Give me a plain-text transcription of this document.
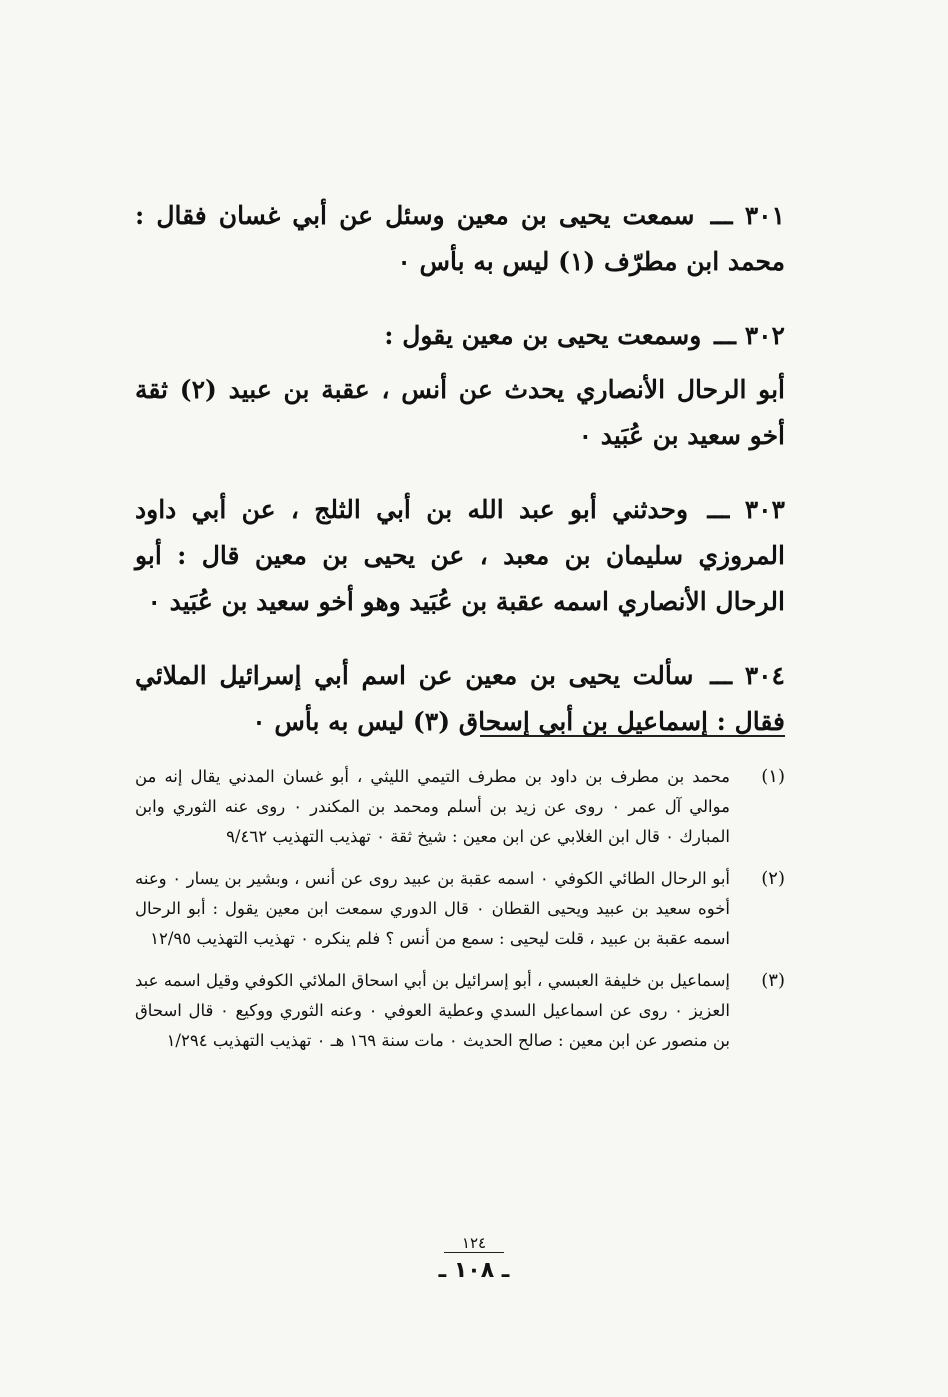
٣٠١ ـــ سمعت يحيى بن معين وسئل عن أبي غسان فقال : محمد ابن مطرّف (١) ليس به بأس ٠

٣٠٢ ـــ وسمعت يحيى بن معين يقول :

أبو الرحال الأنصاري يحدث عن أنس ، عقبة بن عبيد (٢) ثقة أخو سعيد بن عُبَيد ٠

٣٠٣ ـــ وحدثني أبو عبد الله بن أبي الثلج ، عن أبي داود المروزي سليمان بن معبد ، عن يحيى بن معين قال : أبو الرحال الأنصاري اسمه عقبة بن عُبَيد وهو أخو سعيد بن عُبَيد ٠

٣٠٤ ـــ سألت يحيى بن معين عن اسم أبي إسرائيل الملائي فقال : إسماعيل بن أبي إسحاق (٣) ليس به بأس ٠

(١)
محمد بن مطرف بن داود بن مطرف التيمي الليثي ، أبو غسان المدني يقال إنه من موالي آل عمر ٠ روى عن زيد بن أسلم ومحمد بن المكندر ٠ روى عنه الثوري وابن المبارك ٠ قال ابن الغلابي عن ابن معين : شيخ ثقة ٠ تهذيب التهذيب ٩/٤٦٢
(٢)
أبو الرحال الطائي الكوفي ٠ اسمه عقبة بن عبيد روى عن أنس ، وبشير بن يسار ٠ وعنه أخوه سعيد بن عبيد ويحيى القطان ٠ قال الدوري سمعت ابن معين يقول : أبو الرحال اسمه عقبة بن عبيد ، قلت ليحيى : سمع من أنس ؟ فلم ينكره ٠ تهذيب التهذيب ١٢/٩٥
(٣)
إسماعيل بن خليفة العبسي ، أبو إسرائيل بن أبي اسحاق الملائي الكوفي وقيل اسمه عبد العزيز ٠ روى عن اسماعيل السدي وعطية العوفي ٠ وعنه الثوري ووكيع ٠ قال اسحاق بن منصور عن ابن معين : صالح الحديث ٠ مات سنة ١٦٩ هـ ٠ تهذيب التهذيب ١/٢٩٤
١٢٤
ـ ١٠٨ ـ
